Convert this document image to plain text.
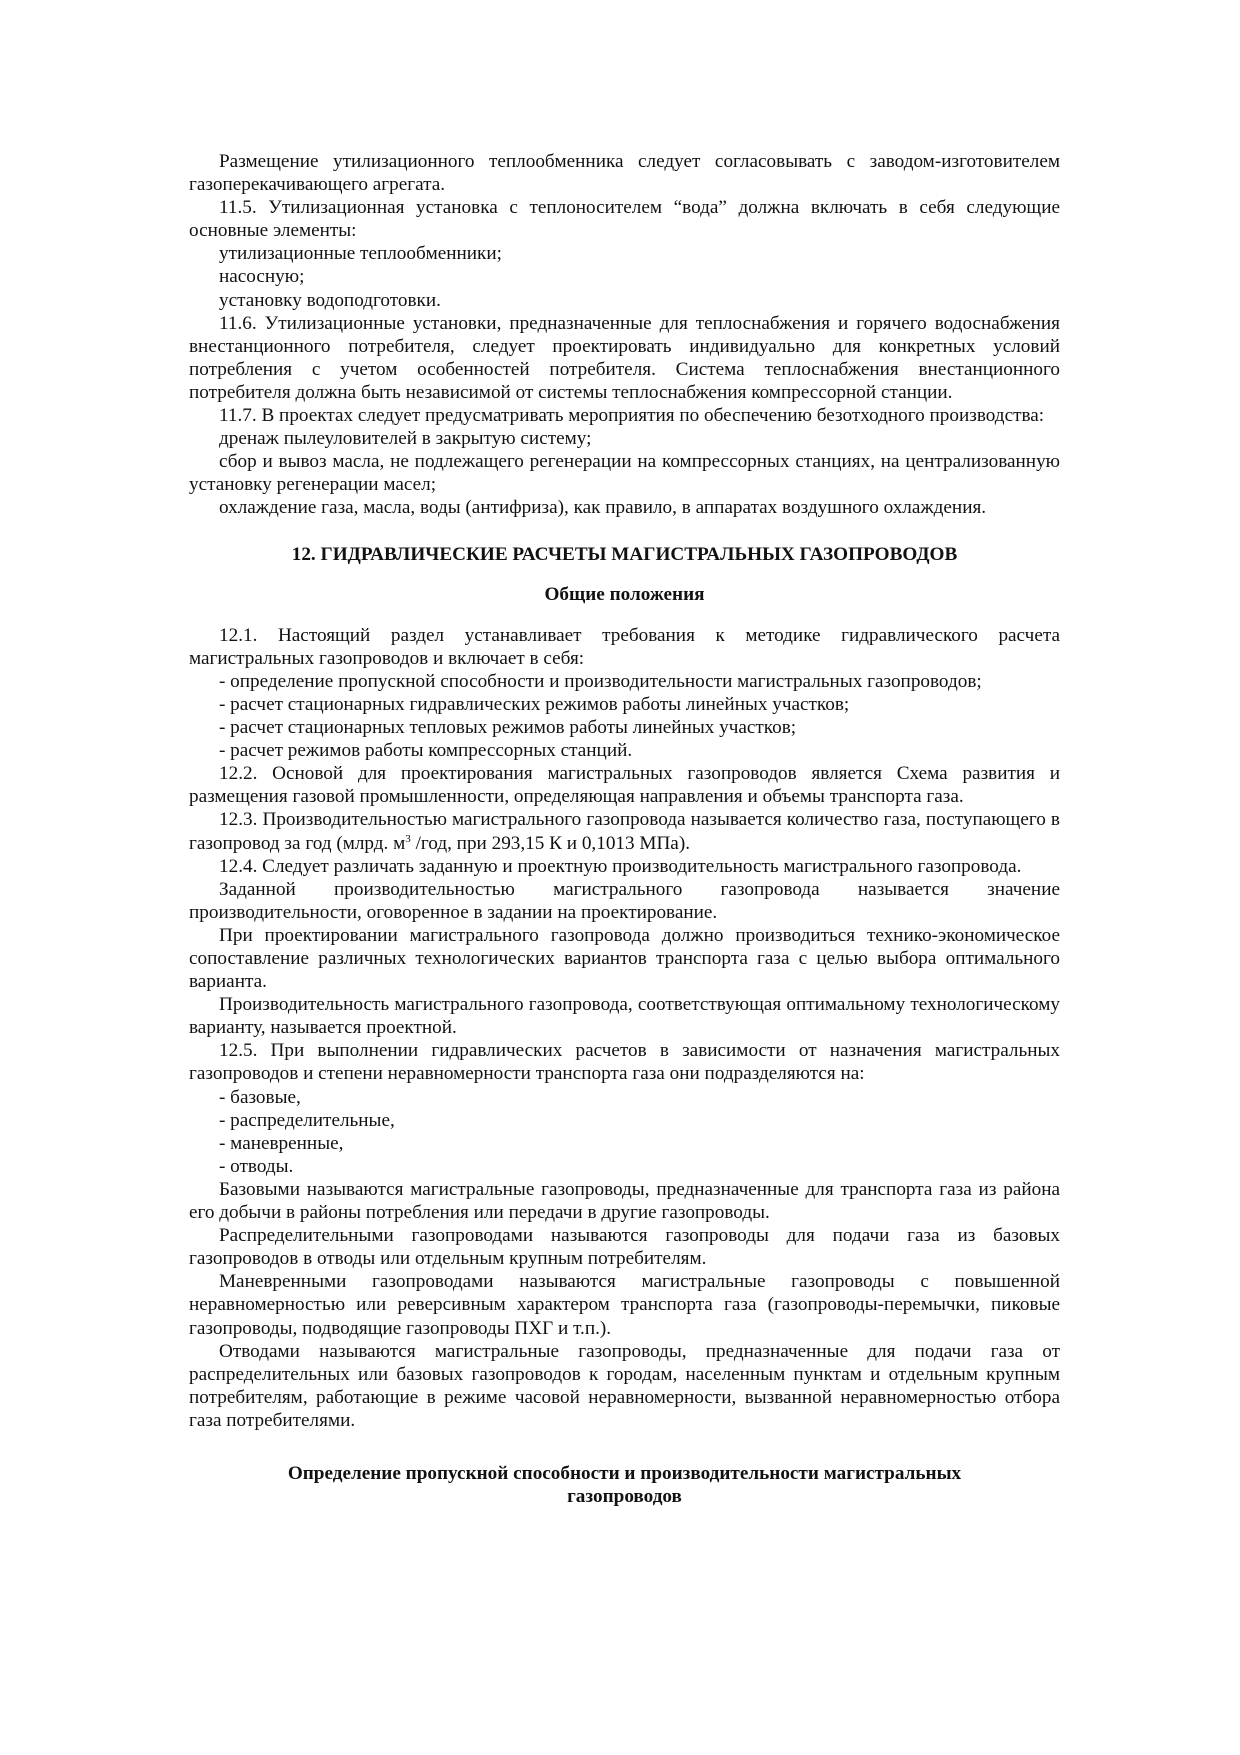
Размещение утилизационного теплообменника следует согласовывать с заводом-изготовителем газоперекачивающего агрегата.

11.5. Утилизационная установка с теплоносителем “вода” должна включать в себя следующие основные элементы:

утилизационные теплообменники;

насосную;

установку водоподготовки.

11.6. Утилизационные установки, предназначенные для теплоснабжения и горячего водоснабжения внестанционного потребителя, следует проектировать индивидуально для конкретных условий потребления с учетом особенностей потребителя. Система теплоснабжения внестанционного потребителя должна быть независимой от системы теплоснабжения компрессорной станции.

11.7. В проектах следует предусматривать мероприятия по обеспечению безотходного производства:

дренаж пылеуловителей в закрытую систему;

сбор и вывоз масла, не подлежащего регенерации на компрессорных станциях, на централизованную установку регенерации масел;

охлаждение газа, масла, воды (антифриза), как правило, в аппаратах воздушного охлаждения.

12. ГИДРАВЛИЧЕСКИЕ РАСЧЕТЫ МАГИСТРАЛЬНЫХ ГАЗОПРОВОДОВ
Общие положения

12.1. Настоящий раздел устанавливает требования к методике гидравлического расчета магистральных газопроводов и включает в себя:

- определение пропускной способности и производительности магистральных газопроводов;

- расчет стационарных гидравлических режимов работы линейных участков;

- расчет стационарных тепловых режимов работы линейных участков;

- расчет режимов работы компрессорных станций.

12.2. Основой для проектирования магистральных газопроводов является Схема развития и размещения газовой промышленности, определяющая направления и объемы транспорта газа.

12.3. Производительностью магистрального газопровода называется количество газа, поступающего в газопровод за год (млрд. $м^3$ /год, при 293,15 К и 0,1013 МПа).

12.4. Следует различать заданную и проектную производительность магистрального газопровода.

Заданной производительностью магистрального газопровода называется значение производительности, оговоренное в задании на проектирование.

При проектировании магистрального газопровода должно производиться технико-экономическое сопоставление различных технологических вариантов транспорта газа с целью выбора оптимального варианта.

Производительность магистрального газопровода, соответствующая оптимальному технологическому варианту, называется проектной.

12.5. При выполнении гидравлических расчетов в зависимости от назначения магистральных газопроводов и степени неравномерности транспорта газа они подразделяются на:

- базовые,

- распределительные,

- маневренные,

- отводы.

Базовыми называются магистральные газопроводы, предназначенные для транспорта газа из района его добычи в районы потребления или передачи в другие газопроводы.

Распределительными газопроводами называются газопроводы для подачи газа из базовых газопроводов в отводы или отдельным крупным потребителям.

Маневренными газопроводами называются магистральные газопроводы с повышенной неравномерностью или реверсивным характером транспорта газа (газопроводы-перемычки, пиковые газопроводы, подводящие газопроводы ПХГ и т.п.).

Отводами называются магистральные газопроводы, предназначенные для подачи газа от распределительных или базовых газопроводов к городам, населенным пунктам и отдельным крупным потребителям, работающие в режиме часовой неравномерности, вызванной неравномерностью отбора газа потребителями.

Определение пропускной способности и производительности магистральных газопроводов
